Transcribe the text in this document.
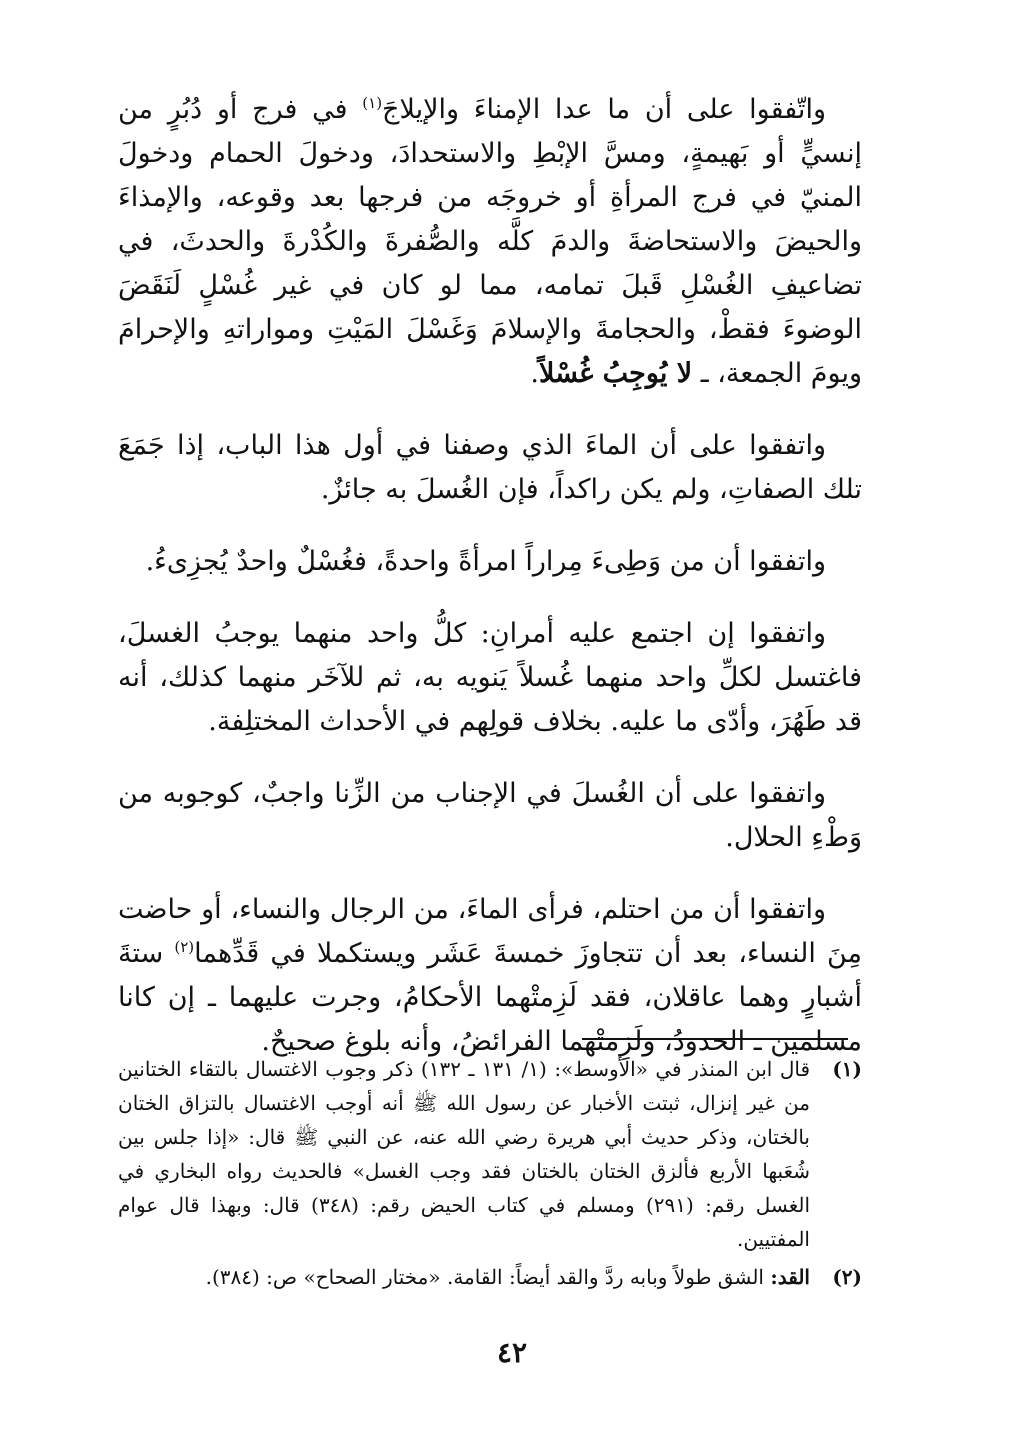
واتّفقوا على أن ما عدا الإمناءَ والإيلاجَ$^{(١)}$ في فرج أو دُبُرٍ من إنسيٍّ أو بَهيمةٍ، ومسَّ الإبْطِ والاستحدادَ، ودخولَ الحمام ودخولَ المنيّ في فرج المرأةِ أو خروجَه من فرجها بعد وقوعه، والإمذاءَ والحيضَ والاستحاضةَ والدمَ كلَّه والصُّفرةَ والكُدْرةَ والحدثَ، في تضاعيفِ الغُسْلِ قَبلَ تمامه، مما لو كان في غير غُسْلٍ لَنَقَضَ الوضوءَ فقطْ، والحجامةَ والإسلامَ وَغَسْلَ المَيْتِ ومواراتهِ والإحرامَ ويومَ الجمعة، ـ لا يُوجِبُ غُسْلاً.

واتفقوا على أن الماءَ الذي وصفنا في أول هذا الباب، إذا جَمَعَ تلك الصفاتِ، ولم يكن راكداً، فإن الغُسلَ به جائزٌ.

واتفقوا أن من وَطِىءَ مِراراً امرأةً واحدةً، فغُسْلٌ واحدٌ يُجزِىءُ.

واتفقوا إن اجتمع عليه أمرانِ: كلُّ واحد منهما يوجبُ الغسلَ، فاغتسل لكلِّ واحد منهما غُسلاً يَنويه به، ثم للآخَر منهما كذلك، أنه قد طَهُرَ، وأدّى ما عليه. بخلاف قولِهم في الأحداث المختلِفة.

واتفقوا على أن الغُسلَ في الإجناب من الزِّنا واجبٌ، كوجوبه من وَطْءِ الحلال.

واتفقوا أن من احتلم، فرأى الماءَ، من الرجال والنساء، أو حاضت مِنَ النساء، بعد أن تتجاوزَ خمسةَ عَشَر ويستكملا في قَدِّهما$^{(٢)}$ ستةَ أشبارٍ وهما عاقلان، فقد لَزِمتْهما الأحكامُ، وجرت عليهما ـ إن كانا مسلمين ـ الحدودُ، ولَزِمتْهما الفرائضُ، وأنه بلوغ صحيحٌ.

(١)
قال ابن المنذر في «الأوسط»: (١/ ١٣١ ـ ١٣٢) ذكر وجوب الاغتسال بالتقاء الختانين من غير إنزال، ثبتت الأخبار عن رسول الله ﷺ أنه أوجب الاغتسال بالتزاق الختان بالختان، وذكر حديث أبي هريرة رضي الله عنه، عن النبي ﷺ قال: «إذا جلس بين شُعَبها الأربع فألزق الختان بالختان فقد وجب الغسل» فالحديث رواه البخاري في الغسل رقم: (٢٩١) ومسلم في كتاب الحيض رقم: (٣٤٨) قال: وبهذا قال عوام المفتيين.
(٢)
القد: الشق طولاً وبابه ردَّ والقد أيضاً: القامة. «مختار الصحاح» ص: (٣٨٤).
٤٢
